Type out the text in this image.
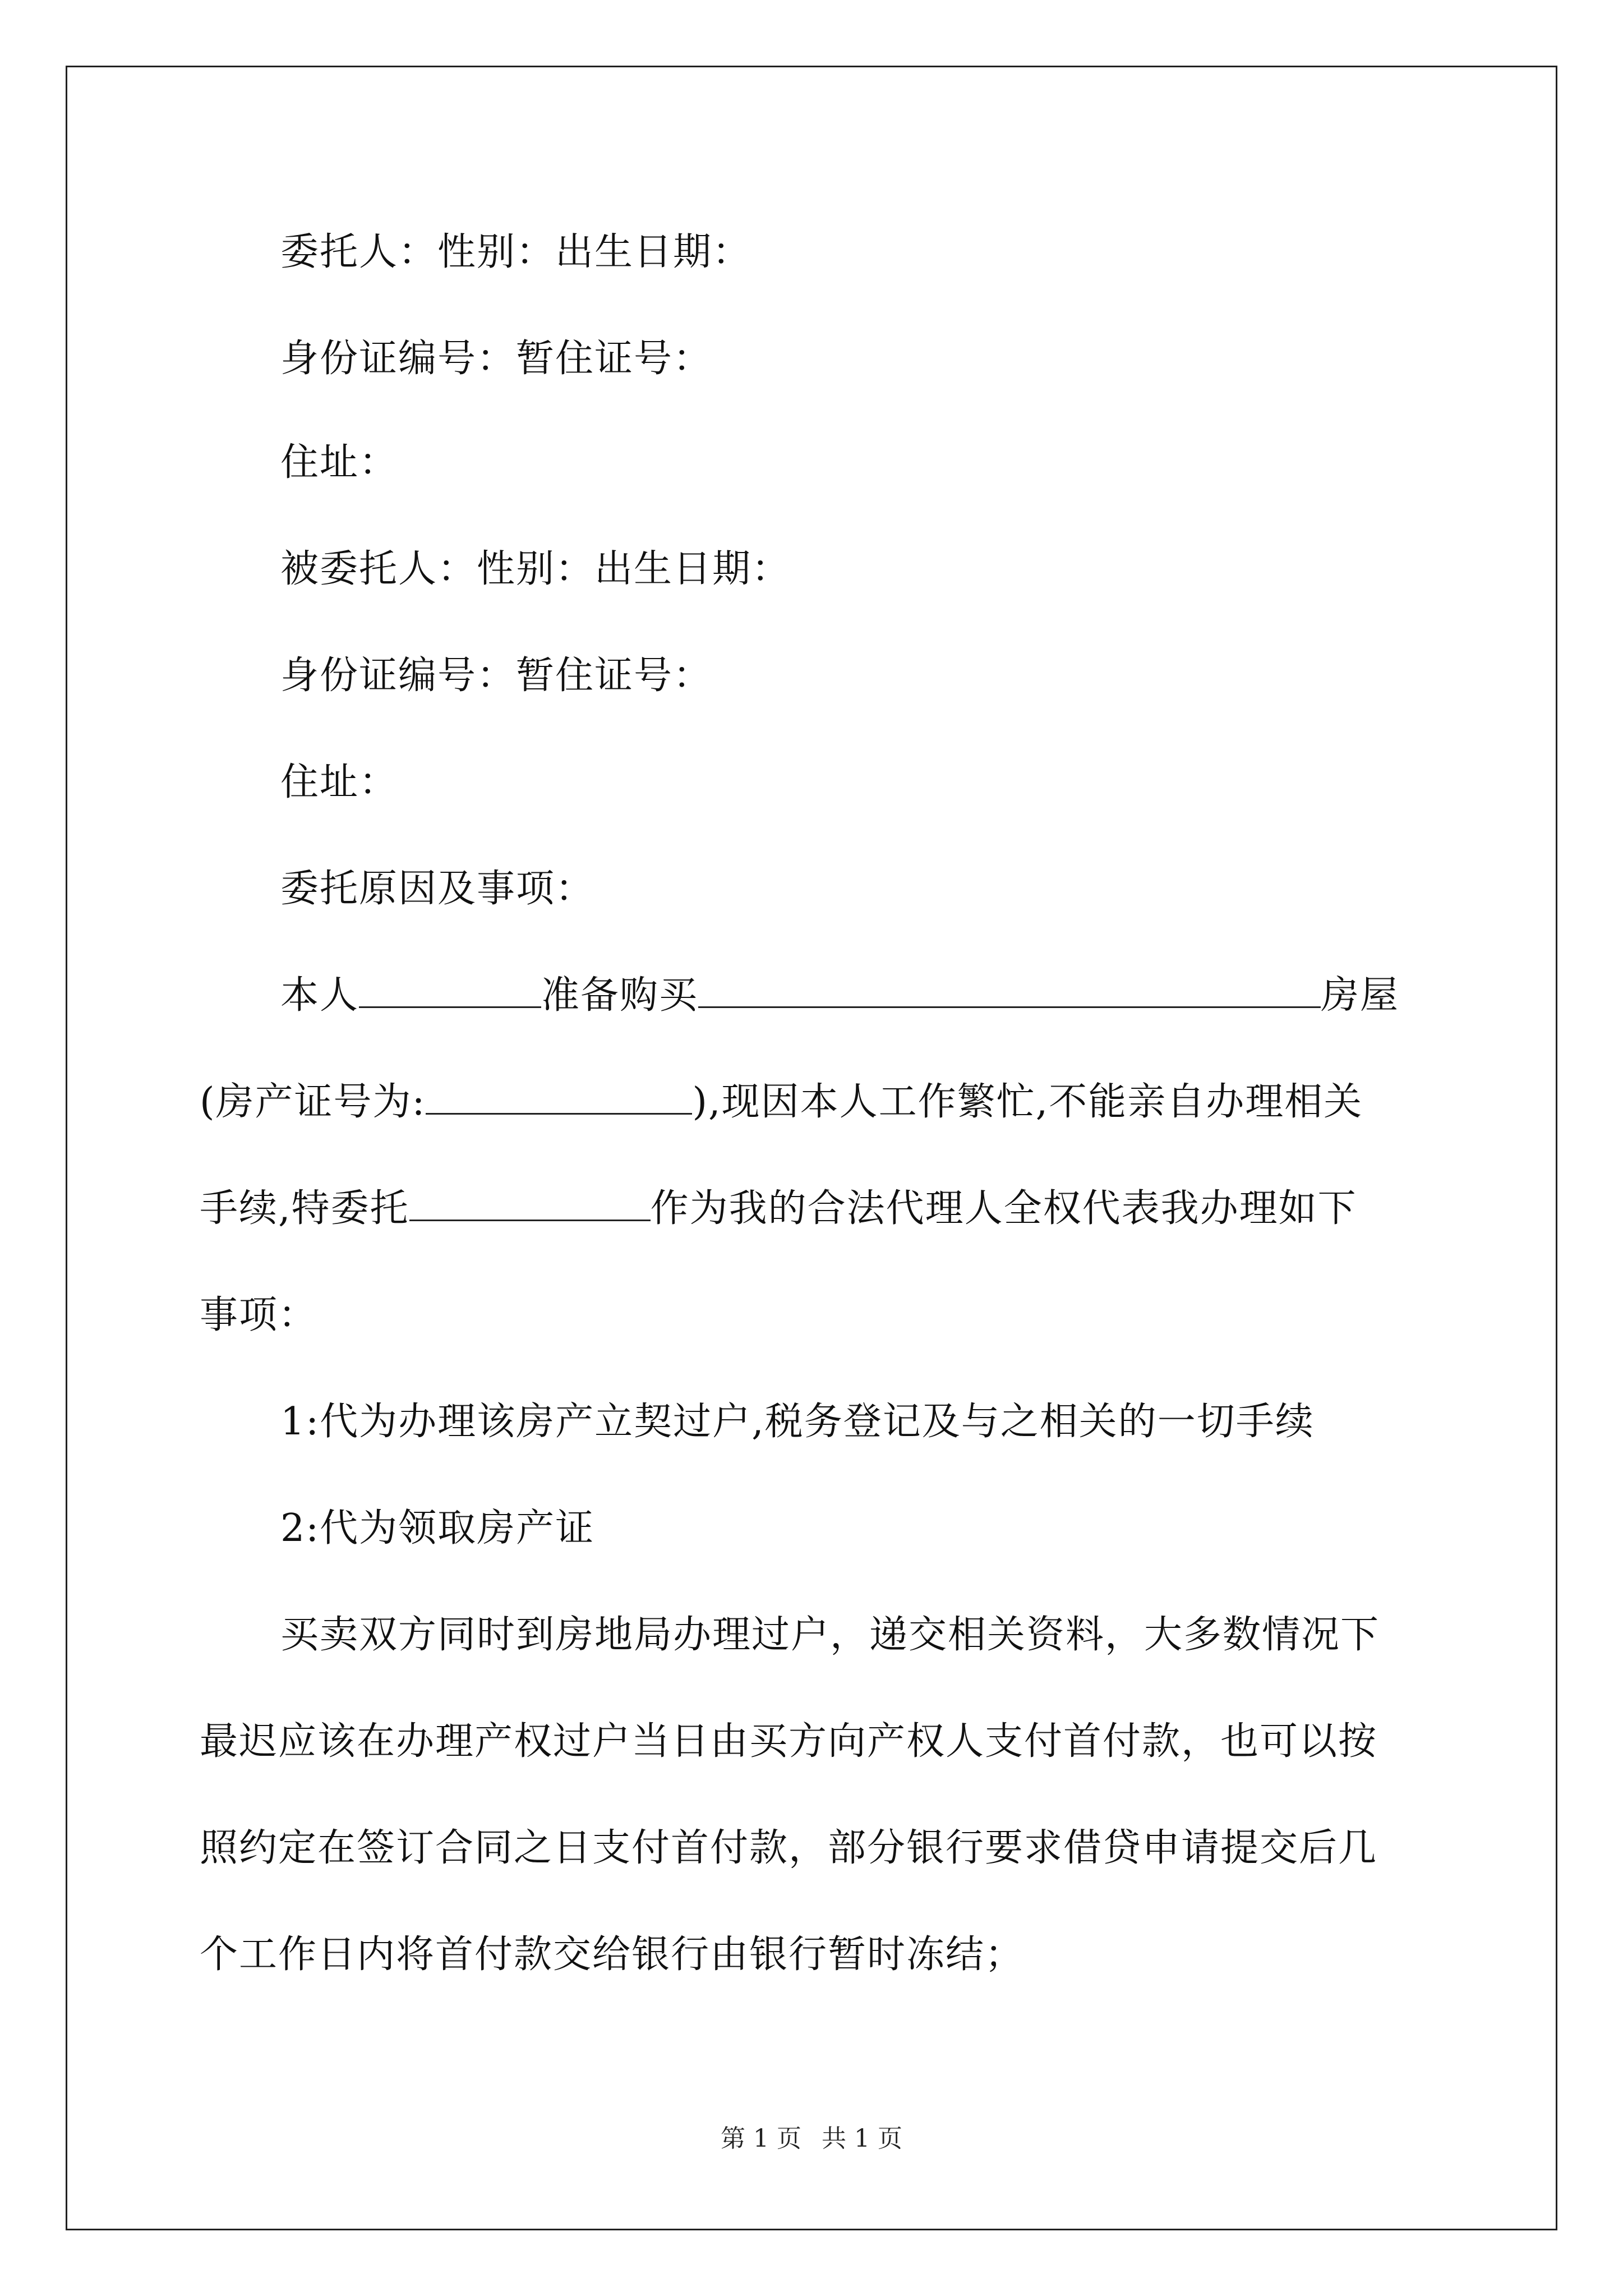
委托人：性别：出生日期：
身份证编号：暂住证号：
住址：
被委托人：性别：出生日期：
身份证编号：暂住证号：
住址：
委托原因及事项：
本人	准备购买	房屋
(房产证号为:	),现因本人工作繁忙,不能亲自办理相关
手续,特委托	作为我的合法代理人全权代表我办理如下
事项：
1:代为办理该房产立契过户,税务登记及与之相关的一切手续
2:代为领取房产证
买卖双方同时到房地局办理过户，递交相关资料，大多数情况下
最迟应该在办理产权过户当日由买方向产权人支付首付款，也可以按
照约定在签订合同之日支付首付款，部分银行要求借贷申请提交后几
个工作日内将首付款交给银行由银行暂时冻结；
第 1 页 共 1 页
